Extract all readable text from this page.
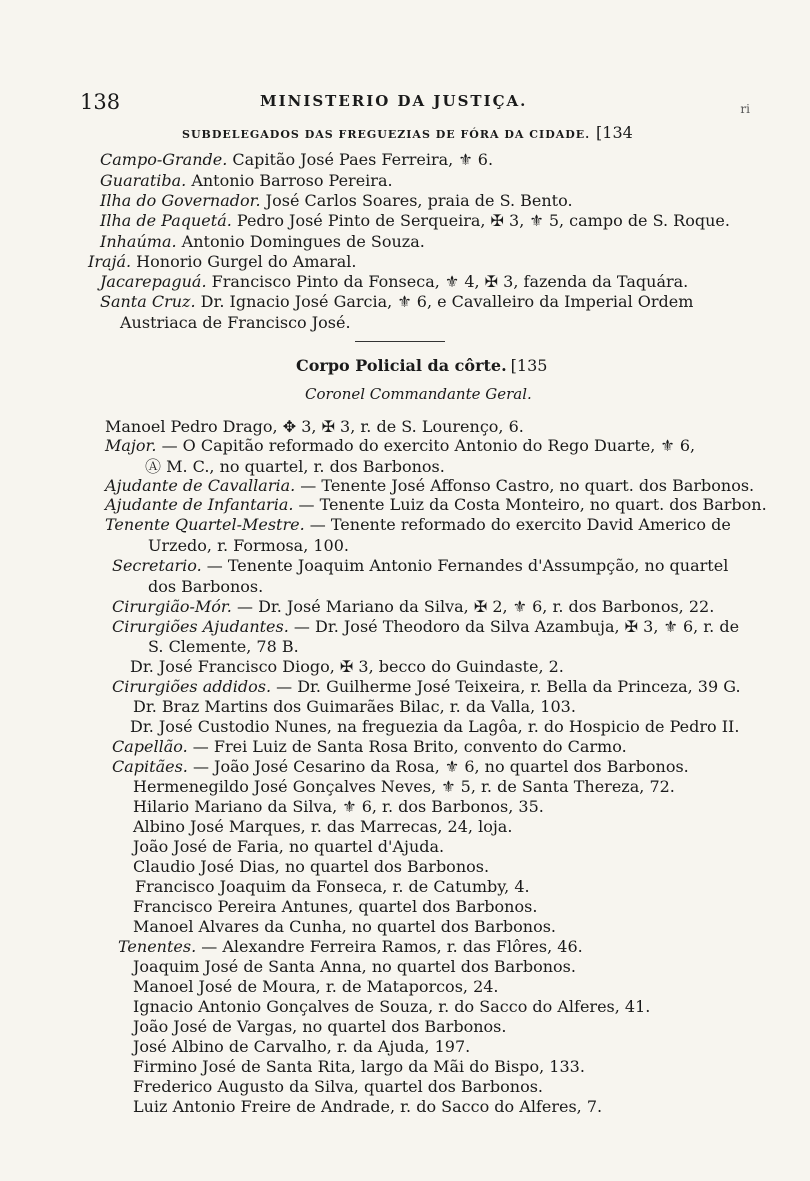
138	MINISTERIO DA JUSTIÇA.	ri
SUBDELEGADOS DAS FREGUEZIAS DE FÓRA DA CIDADE. [134
Campo-Grande. Capitão José Paes Ferreira, ⚜ 6.
Guaratiba. Antonio Barroso Pereira.
Ilha do Governador. José Carlos Soares, praia de S. Bento.
Ilha de Paquetá. Pedro José Pinto de Serqueira, ✠ 3, ⚜ 5, campo de S. Roque.
Inhaúma. Antonio Domingues de Souza.
Irajá. Honorio Gurgel do Amaral.
Jacarepaguá. Francisco Pinto da Fonseca, ⚜ 4, ✠ 3, fazenda da Taquára.
Santa Cruz. Dr. Ignacio José Garcia, ⚜ 6, e Cavalleiro da Imperial Ordem
Austriaca de Francisco José.
Corpo Policial da côrte. [135
Coronel Commandante Geral.
Manoel Pedro Drago, ✥ 3, ✠ 3, r. de S. Lourenço, 6.
Major. — O Capitão reformado do exercito Antonio do Rego Duarte, ⚜ 6,
Ⓐ M. C., no quartel, r. dos Barbonos.
Ajudante de Cavallaria. — Tenente José Affonso Castro, no quart. dos Barbonos.
Ajudante de Infantaria. — Tenente Luiz da Costa Monteiro, no quart. dos Barbon.
Tenente Quartel-Mestre. — Tenente reformado do exercito David Americo de
Urzedo, r. Formosa, 100.
Secretario. — Tenente Joaquim Antonio Fernandes d'Assumpção, no quartel
dos Barbonos.
Cirurgião-Mór. — Dr. José Mariano da Silva, ✠ 2, ⚜ 6, r. dos Barbonos, 22.
Cirurgiões Ajudantes. — Dr. José Theodoro da Silva Azambuja, ✠ 3, ⚜ 6, r. de
S. Clemente, 78 B.
Dr. José Francisco Diogo, ✠ 3, becco do Guindaste, 2.
Cirurgiões addidos. — Dr. Guilherme José Teixeira, r. Bella da Princeza, 39 G.
Dr. Braz Martins dos Guimarães Bilac, r. da Valla, 103.
Dr. José Custodio Nunes, na freguezia da Lagôa, r. do Hospicio de Pedro II.
Capellão. — Frei Luiz de Santa Rosa Brito, convento do Carmo.
Capitães. — João José Cesarino da Rosa, ⚜ 6, no quartel dos Barbonos.
Hermenegildo José Gonçalves Neves, ⚜ 5, r. de Santa Thereza, 72.
Hilario Mariano da Silva, ⚜ 6, r. dos Barbonos, 35.
Albino José Marques, r. das Marrecas, 24, loja.
João José de Faria, no quartel d'Ajuda.
Claudio José Dias, no quartel dos Barbonos.
Francisco Joaquim da Fonseca, r. de Catumby, 4.
Francisco Pereira Antunes, quartel dos Barbonos.
Manoel Alvares da Cunha, no quartel dos Barbonos.
Tenentes. — Alexandre Ferreira Ramos, r. das Flôres, 46.
Joaquim José de Santa Anna, no quartel dos Barbonos.
Manoel José de Moura, r. de Mataporcos, 24.
Ignacio Antonio Gonçalves de Souza, r. do Sacco do Alferes, 41.
João José de Vargas, no quartel dos Barbonos.
José Albino de Carvalho, r. da Ajuda, 197.
Firmino José de Santa Rita, largo da Mãi do Bispo, 133.
Frederico Augusto da Silva, quartel dos Barbonos.
Luiz Antonio Freire de Andrade, r. do Sacco do Alferes, 7.
